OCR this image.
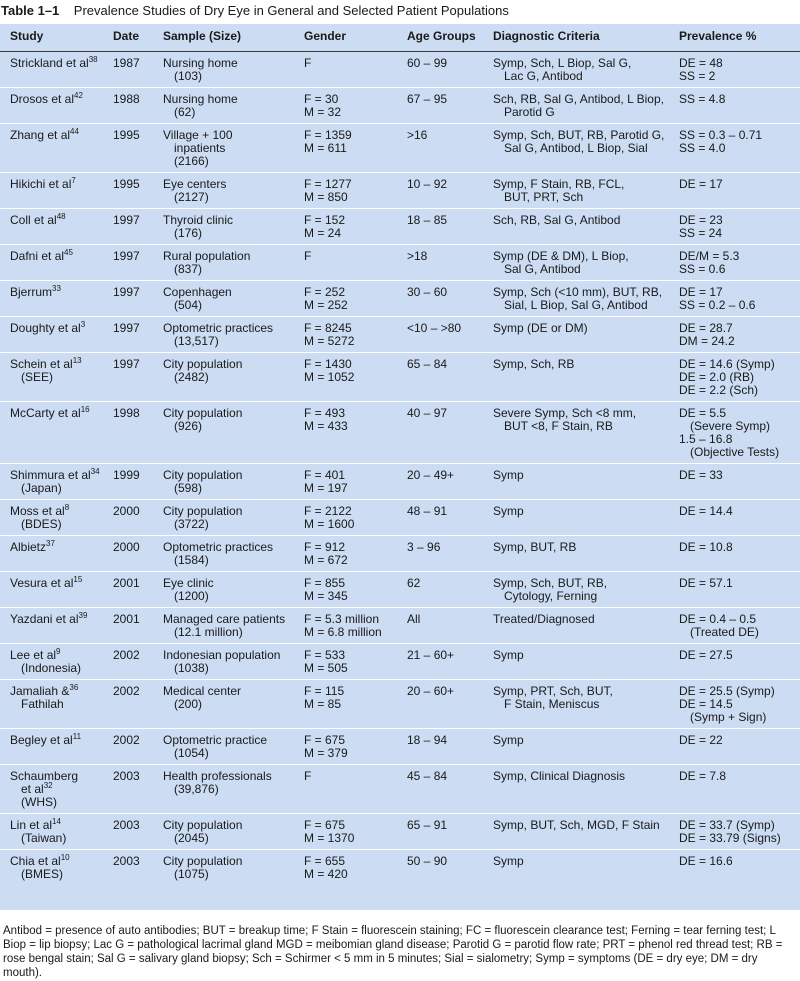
Table 1–1 Prevalence Studies of Dry Eye in General and Selected Patient Populations
Study	Date	Sample (Size)	Gender	Age Groups	Diagnostic Criteria	Prevalence %

Strickland et $al^{38}$	1987	Nursing home
(103)	F	60 – 99	Symp, Sch, L Biop, Sal G,
Lac G, Antibod	DE = 48
SS = 2

Drosos et $al^{42}$	1988	Nursing home
(62)	F = 30
M = 32	67 – 95	Sch, RB, Sal G, Antibod, L Biop,
Parotid G	SS = 4.8

Zhang et $al^{44}$	1995	Village + 100
inpatients
(2166)	F = 1359
M = 611	>16	Symp, Sch, BUT, RB, Parotid G,
Sal G, Antibod, L Biop, Sial	SS = 0.3 – 0.71
SS = 4.0

Hikichi et $al^7$	1995	Eye centers
(2127)	F = 1277
M = 850	10 – 92	Symp, F Stain, RB, FCL,
BUT, PRT, Sch	DE = 17

Coll et $al^{48}$	1997	Thyroid clinic
(176)	F = 152
M = 24	18 – 85	Sch, RB, Sal G, Antibod	DE = 23
SS = 24

Dafni et $al^{45}$	1997	Rural population
(837)	F	>18	Symp (DE & DM), L Biop,
Sal G, Antibod	DE/M = 5.3
SS = 0.6

Bjerrum$^{33}$	1997	Copenhagen
(504)	F = 252
M = 252	30 – 60	Symp, Sch (<10 mm), BUT, RB,
Sial, L Biop, Sal G, Antibod	DE = 17
SS = 0.2 – 0.6

Doughty et $al^3$	1997	Optometric practices
(13,517)	F = 8245
M = 5272	<10 – >80	Symp (DE or DM)	DE = 28.7
DM = 24.2

Schein et $al^{13}$
(SEE)	1997	City population
(2482)	F = 1430
M = 1052	65 – 84	Symp, Sch, RB	DE = 14.6 (Symp)
DE = 2.0 (RB)
DE = 2.2 (Sch)

McCarty et $al^{16}$	1998	City population
(926)	F = 493
M = 433	40 – 97	Severe Symp, Sch <8 mm,
BUT <8, F Stain, RB	DE = 5.5
(Severe Symp)
1.5 – 16.8
(Objective Tests)

Shimmura et $al^{34}$
(Japan)	1999	City population
(598)	F = 401
M = 197	20 – 49+	Symp	DE = 33

Moss et $al^8$
(BDES)	2000	City population
(3722)	F = 2122
M = 1600	48 – 91	Symp	DE = 14.4

Albietz$^{37}$	2000	Optometric practices
(1584)	F = 912
M = 672	3 – 96	Symp, BUT, RB	DE = 10.8

Vesura et $al^{15}$	2001	Eye clinic
(1200)	F = 855
M = 345	62	Symp, Sch, BUT, RB,
Cytology, Ferning	DE = 57.1

Yazdani et $al^{39}$	2001	Managed care patients
(12.1 million)	F = 5.3 million
M = 6.8 million	All	Treated/Diagnosed	DE = 0.4 – 0.5
(Treated DE)

Lee et $al^9$
(Indonesia)	2002	Indonesian population
(1038)	F = 533
M = 505	21 – 60+	Symp	DE = 27.5

Jamaliah &$^{36}$
Fathilah	2002	Medical center
(200)	F = 115
M = 85	20 – 60+	Symp, PRT, Sch, BUT,
F Stain, Meniscus	DE = 25.5 (Symp)
DE = 14.5
(Symp + Sign)

Begley et $al^{11}$	2002	Optometric practice
(1054)	F = 675
M = 379	18 – 94	Symp	DE = 22

Schaumberg
et $al^{32}$
(WHS)	2003	Health professionals
(39,876)	F	45 – 84	Symp, Clinical Diagnosis	DE = 7.8

Lin et $al^{14}$
(Taiwan)	2003	City population
(2045)	F = 675
M = 1370	65 – 91	Symp, BUT, Sch, MGD, F Stain	DE = 33.7 (Symp)
DE = 33.79 (Signs)

Chia et $al^{10}$
(BMES)	2003	City population
(1075)	F = 655
M = 420	50 – 90	Symp	DE = 16.6
Antibod = presence of auto antibodies; BUT = breakup time; F Stain = fluorescein staining; FC = fluorescein clearance test; Ferning = tear ferning test; L Biop = lip biopsy; Lac G = pathological lacrimal gland MGD = meibomian gland disease; Parotid G = parotid flow rate; PRT = phenol red thread test; RB = rose bengal stain; Sal G = salivary gland biopsy; Sch = Schirmer < 5 mm in 5 minutes; Sial = sialometry; Symp = symptoms (DE = dry eye; DM = dry mouth).
